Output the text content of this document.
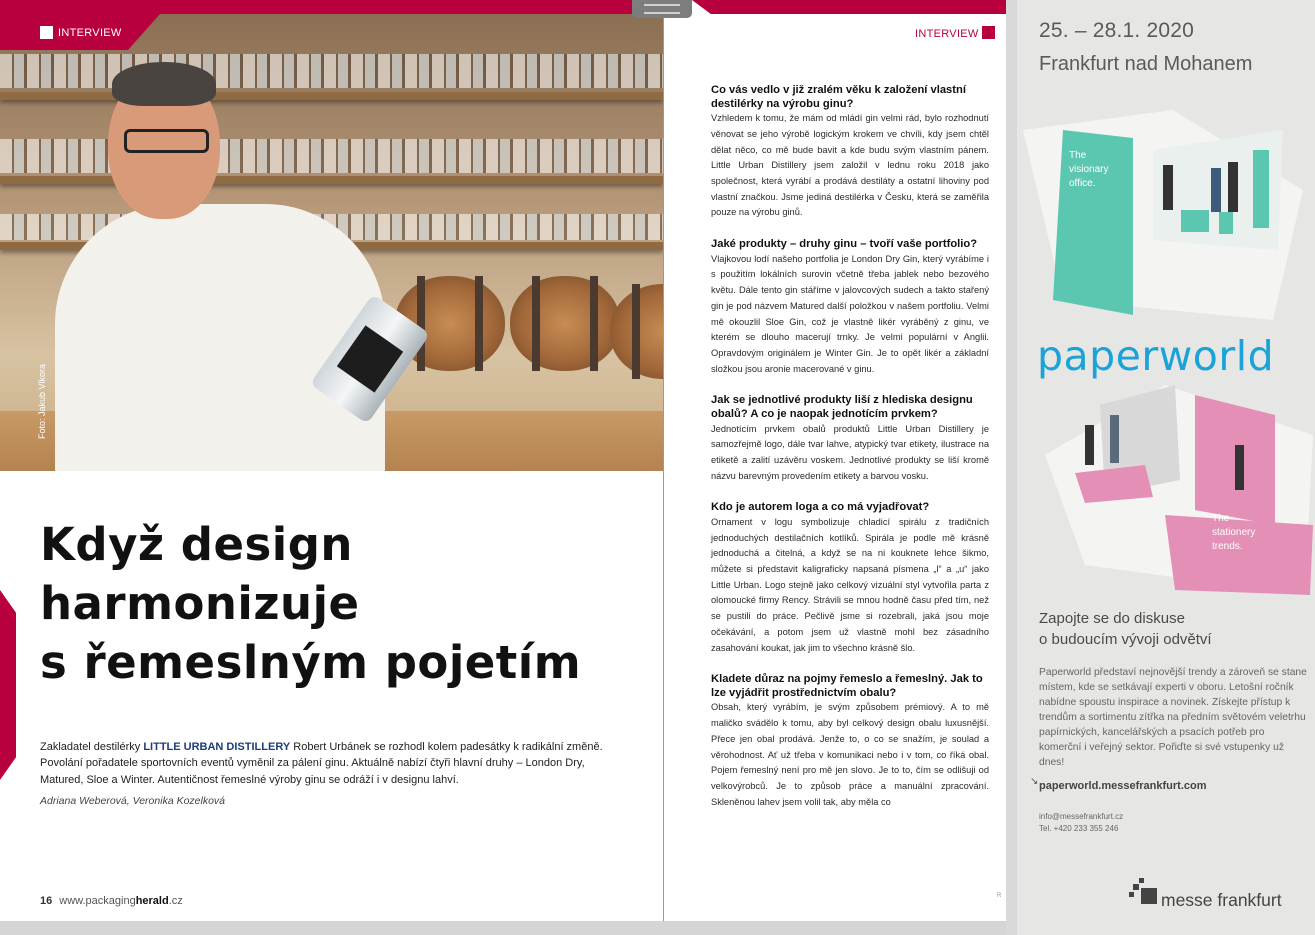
Foto: Jakub Vlkora
INTERVIEW
Když design
harmonizuje
s řemeslným pojetím

Zakladatel destilérky LITTLE URBAN DISTILLERY Robert Urbánek se rozhodl kolem padesátky k radikální změně. Povolání pořadatele sportovních eventů vyměnil za pálení ginu. Aktuálně nabízí čtyři hlavní druhy – London Dry, Matured, Sloe a Winter. Autentičnost řemeslné výroby ginu se odráží i v designu lahví.

Adriana Weberová, Veronika Kozelková
16 www.packagingherald.cz
INTERVIEW
Co vás vedlo v již zralém věku k založení vlastní destilérky na výrobu ginu?
Vzhledem k tomu, že mám od mládí gin velmi rád, bylo rozhodnutí věnovat se jeho výrobě logickým krokem ve chvíli, kdy jsem chtěl dělat něco, co mě bude bavit a kde budu svým vlastním pánem. Little Urban Distillery jsem založil v lednu roku 2018 jako společnost, která vyrábí a prodává destiláty a ostatní lihoviny pod vlastní značkou. Jsme jediná destilérka v Česku, která se zaměřila pouze na výrobu ginů.
Jaké produkty – druhy ginu – tvoří vaše portfolio?
Vlajkovou lodí našeho portfolia je London Dry Gin, který vyrábíme i s použitím lokálních surovin včetně třeba jablek nebo bezového květu. Dále tento gin stáříme v jalovcových sudech a takto stařený gin je pod názvem Matured další položkou v našem portfoliu. Velmi mě okouzlil Sloe Gin, což je vlastně likér vyráběný z ginu, ve kterém se dlouho macerují trnky. Je velmi populární v Anglii. Opravdovým originálem je Winter Gin. Je to opět likér a základní složkou jsou aronie macerované v ginu.
Jak se jednotlivé produkty liší z hlediska designu obalů? A co je naopak jednotícím prvkem?
Jednotícím prvkem obalů produktů Little Urban Distillery je samozřejmě logo, dále tvar lahve, atypický tvar etikety, ilustrace na etiketě a zalití uzávěru voskem. Jednotlivé produkty se liší kromě názvu barevným provedením etikety a barvou vosku.
Kdo je autorem loga a co má vyjadřovat?
Ornament v logu symbolizuje chladicí spirálu z tradičních jednoduchých destilačních kotlíků. Spirála je podle mě krásně jednoduchá a čitelná, a když se na ni kouknete lehce šikmo, můžete si představit kaligraficky napsaná písmena „l“ a „u“ jako Little Urban. Logo stejně jako celkový vizuální styl vytvořila parta z olomoucké firmy Rency. Strávili se mnou hodně času před tím, než se pustili do práce. Pečlivě jsme si rozebrali, jaká jsou moje očekávání, a potom jsem už vlastně mohl bez zásadního zasahování koukat, jak jim to všechno krásně šlo.
Kladete důraz na pojmy řemeslo a řemeslný. Jak to lze vyjádřit prostřednictvím obalu?
Obsah, který vyrábím, je svým způsobem prémiový. A to mě maličko svádělo k tomu, aby byl celkový design obalu luxusnější. Přece jen obal prodává. Jenže to, o co se snažím, je soulad a věrohodnost. Ať už třeba v komunikaci nebo i v tom, co říká obal. Pojem řemeslný není pro mě jen slovo. Je to to, čím se odlišuji od velkovýrobců. Je to způsob práce a manuální zpracování. Skleněnou lahev jsem volil tak, aby měla co
R
25. – 28.1. 2020
Frankfurt nad Mohanem
The
visionary
office.
paperworld
The
stationery
trends.
Zapojte se do diskuse
o budoucím vývoji odvětví
Paperworld představí nejnovější trendy a zároveň se stane místem, kde se setkávají experti v oboru. Letošní ročník nabídne spoustu inspirace a novinek. Získejte přístup k trendům a sortimentu zítřka na předním světovém veletrhu papírnických, kancelářských a psacích potřeb pro komerční i veřejný sektor. Pořiďte si své vstupenky už dnes!
↘ paperworld.messefrankfurt.com
info@messefrankfurt.cz
Tel. +420 233 355 246
messe frankfurt
